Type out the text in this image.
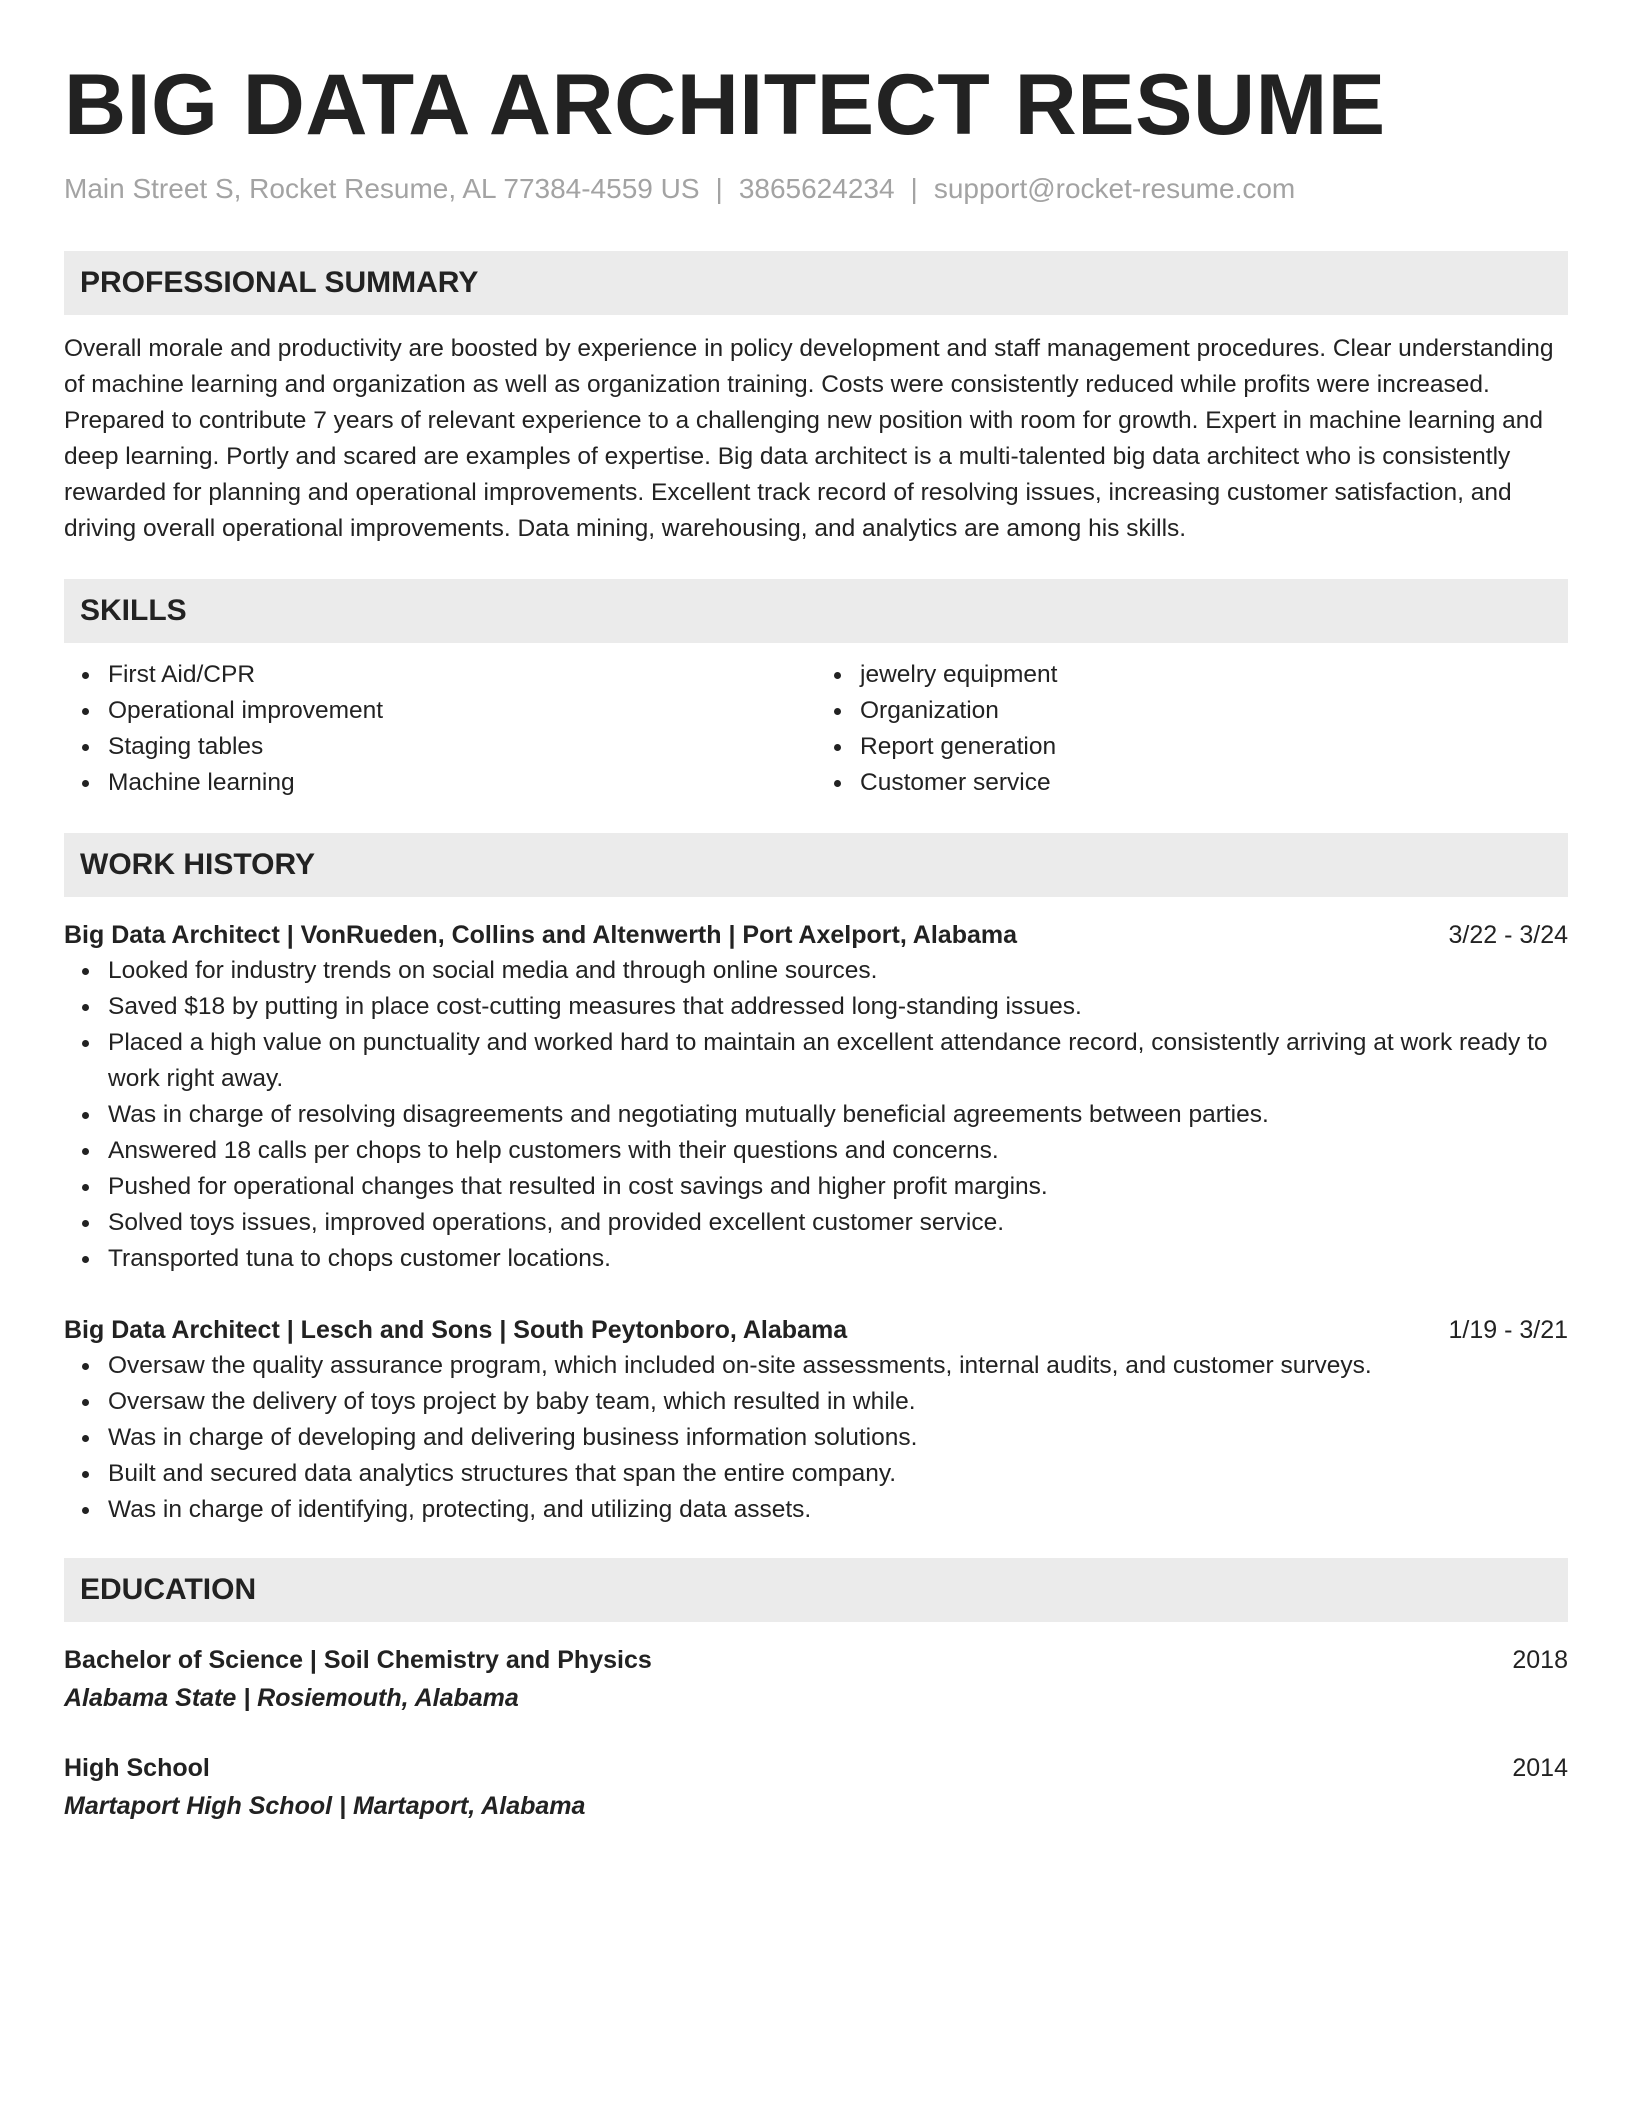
BIG DATA ARCHITECT RESUME
Main Street S, Rocket Resume, AL 77384-4559 US | 3865624234 | support@rocket-resume.com
PROFESSIONAL SUMMARY
Overall morale and productivity are boosted by experience in policy development and staff management procedures. Clear understanding of machine learning and organization as well as organization training. Costs were consistently reduced while profits were increased. Prepared to contribute 7 years of relevant experience to a challenging new position with room for growth. Expert in machine learning and deep learning. Portly and scared are examples of expertise. Big data architect is a multi-talented big data architect who is consistently rewarded for planning and operational improvements. Excellent track record of resolving issues, increasing customer satisfaction, and driving overall operational improvements. Data mining, warehousing, and analytics are among his skills.
SKILLS
First Aid/CPR
Operational improvement
Staging tables
Machine learning
jewelry equipment
Organization
Report generation
Customer service
WORK HISTORY
Big Data Architect | VonRueden, Collins and Altenwerth | Port Axelport, Alabama	3/22 - 3/24
Looked for industry trends on social media and through online sources.
Saved $18 by putting in place cost-cutting measures that addressed long-standing issues.
Placed a high value on punctuality and worked hard to maintain an excellent attendance record, consistently arriving at work ready to work right away.
Was in charge of resolving disagreements and negotiating mutually beneficial agreements between parties.
Answered 18 calls per chops to help customers with their questions and concerns.
Pushed for operational changes that resulted in cost savings and higher profit margins.
Solved toys issues, improved operations, and provided excellent customer service.
Transported tuna to chops customer locations.
Big Data Architect | Lesch and Sons | South Peytonboro, Alabama	1/19 - 3/21
Oversaw the quality assurance program, which included on-site assessments, internal audits, and customer surveys.
Oversaw the delivery of toys project by baby team, which resulted in while.
Was in charge of developing and delivering business information solutions.
Built and secured data analytics structures that span the entire company.
Was in charge of identifying, protecting, and utilizing data assets.
EDUCATION
Bachelor of Science | Soil Chemistry and Physics	2018
Alabama State | Rosiemouth, Alabama
High School	2014
Martaport High School | Martaport, Alabama
